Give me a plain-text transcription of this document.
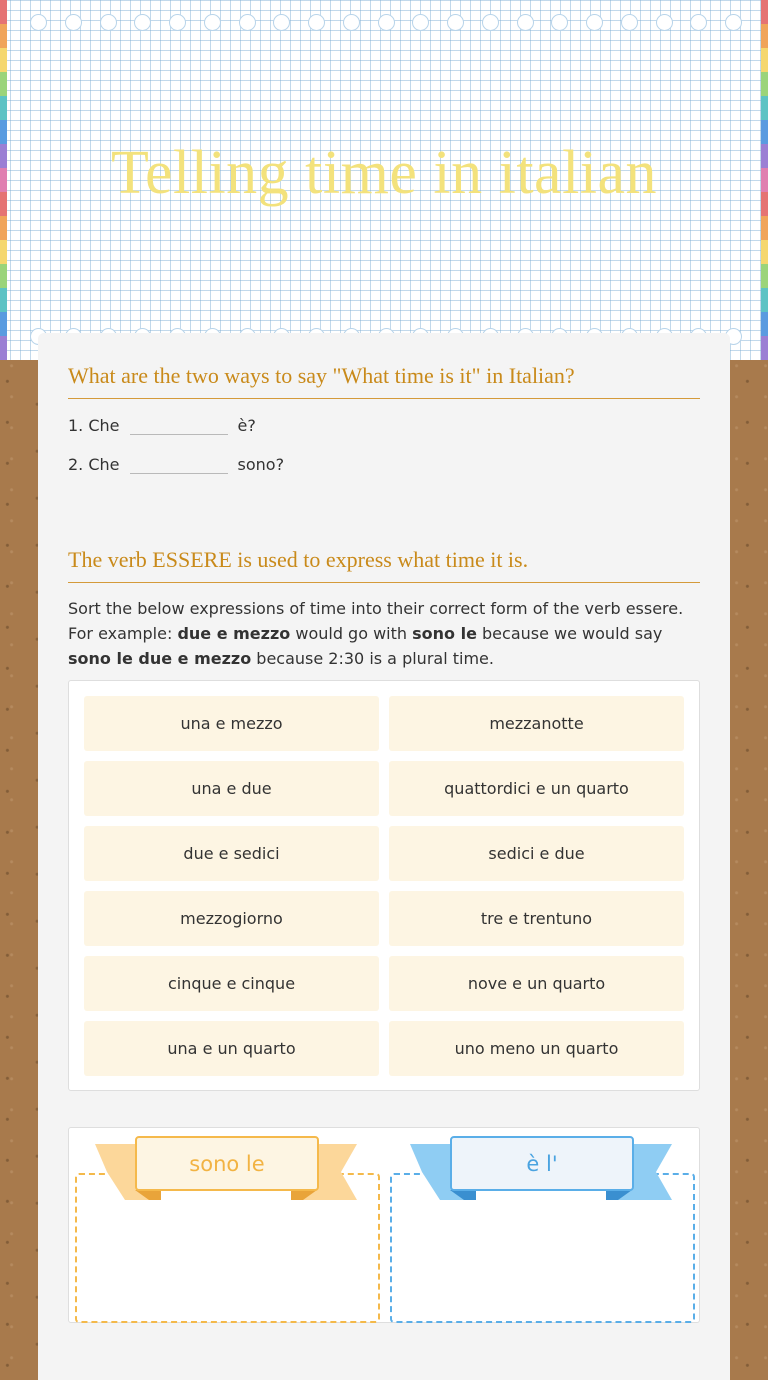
Telling time in italian
What are the two ways to say "What time is it" in Italian?
1. Che	è?
2. Che	sono?
The verb ESSERE is used to express what time it is.
Sort the below expressions of time into their correct form of the verb essere. For example: due e mezzo would go with sono le because we would say sono le due e mezzo because 2:30 is a plural time.
una e mezzo	mezzanotte
una e due	quattordici e un quarto
due e sedici	sedici e due
mezzogiorno	tre e trentuno
cinque e cinque	nove e un quarto
una e un quarto	uno meno un quarto
sono le	è l'
